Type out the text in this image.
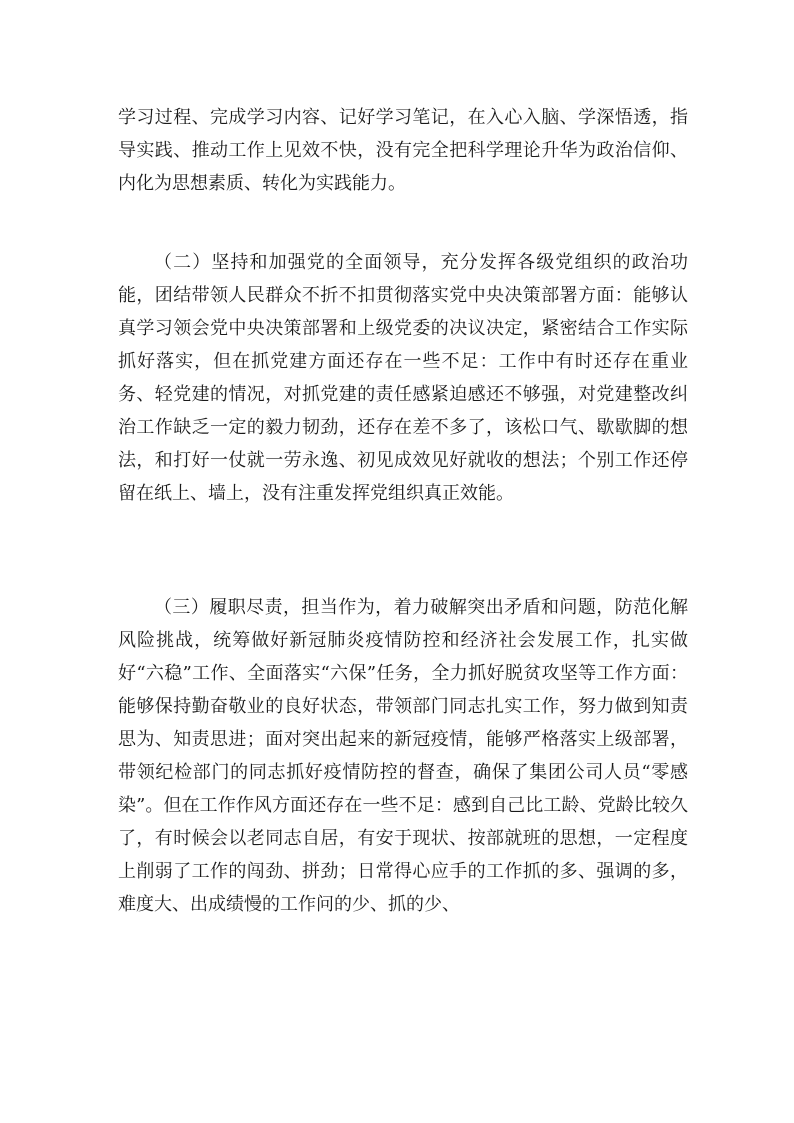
学习过程、完成学习内容、记好学习笔记，在入心入脑、学深悟透，指导实践、推动工作上见效不快，没有完全把科学理论升华为政治信仰、内化为思想素质、转化为实践能力。

（二）坚持和加强党的全面领导，充分发挥各级党组织的政治功能，团结带领人民群众不折不扣贯彻落实党中央决策部署方面：能够认真学习领会党中央决策部署和上级党委的决议决定，紧密结合工作实际抓好落实，但在抓党建方面还存在一些不足：工作中有时还存在重业务、轻党建的情况，对抓党建的责任感紧迫感还不够强，对党建整改纠治工作缺乏一定的毅力韧劲，还存在差不多了，该松口气、歇歇脚的想法，和打好一仗就一劳永逸、初见成效见好就收的想法；个别工作还停留在纸上、墙上，没有注重发挥党组织真正效能。

（三）履职尽责，担当作为，着力破解突出矛盾和问题，防范化解风险挑战，统筹做好新冠肺炎疫情防控和经济社会发展工作，扎实做好“六稳”工作、全面落实“六保”任务，全力抓好脱贫攻坚等工作方面：能够保持勤奋敬业的良好状态，带领部门同志扎实工作，努力做到知责思为、知责思进；面对突出起来的新冠疫情，能够严格落实上级部署，带领纪检部门的同志抓好疫情防控的督查，确保了集团公司人员“零感染”。但在工作作风方面还存在一些不足：感到自己比工龄、党龄比较久了，有时候会以老同志自居，有安于现状、按部就班的思想，一定程度上削弱了工作的闯劲、拼劲；日常得心应手的工作抓的多、强调的多，难度大、出成绩慢的工作问的少、抓的少、
